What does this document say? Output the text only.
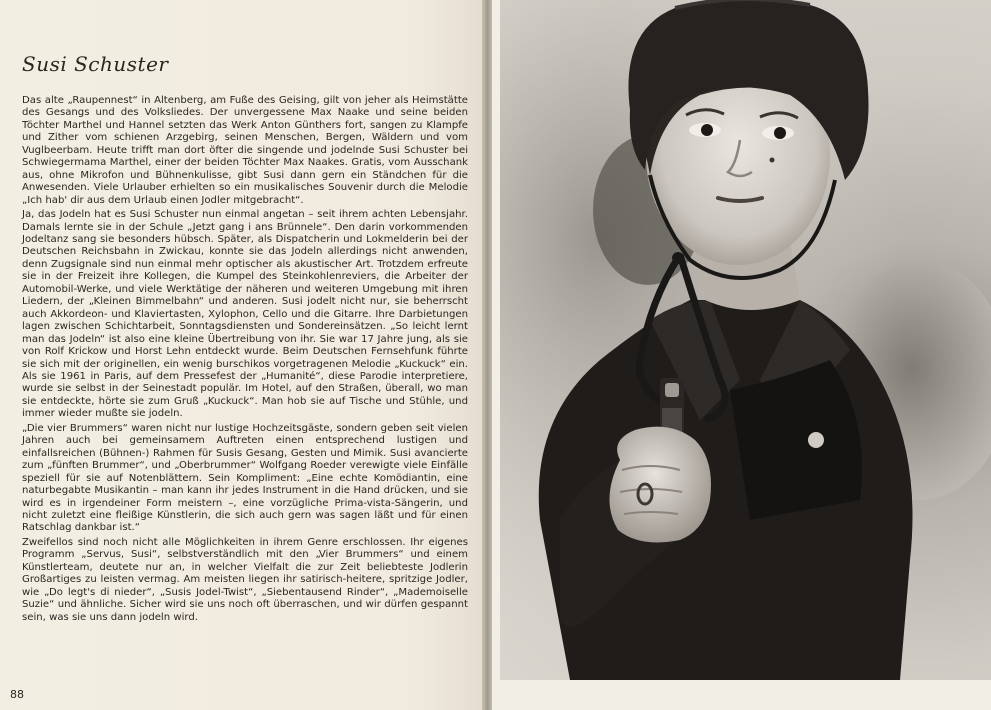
Susi Schuster

Das alte „Raupennest“ in Altenberg, am Fuße des Geising, gilt von jeher als Heimstätte des Gesangs und des Volksliedes. Der unvergessene Max Naake und seine beiden Töchter Marthel und Hannel setzten das Werk Anton Günthers fort, sangen zu Klampfe und Zither vom schienen Arzgebirg, seinen Menschen, Bergen, Wäldern und vom Vuglbeerbam. Heute trifft man dort öfter die singende und jodelnde Susi Schuster bei Schwiegermama Marthel, einer der beiden Töchter Max Naakes. Gratis, vom Ausschank aus, ohne Mikrofon und Bühnenkulisse, gibt Susi dann gern ein Ständchen für die Anwesenden. Viele Urlauber erhielten so ein musikalisches Souvenir durch die Melodie „Ich hab' dir aus dem Urlaub einen Jodler mitgebracht“.

Ja, das Jodeln hat es Susi Schuster nun einmal angetan – seit ihrem achten Lebensjahr. Damals lernte sie in der Schule „Jetzt gang i ans Brünnele“. Den darin vorkommenden Jodeltanz sang sie besonders hübsch. Später, als Dispatcherin und Lokmelderin bei der Deutschen Reichsbahn in Zwickau, konnte sie das Jodeln allerdings nicht anwenden, denn Zugsignale sind nun einmal mehr optischer als akustischer Art. Trotzdem erfreute sie in der Freizeit ihre Kollegen, die Kumpel des Steinkohlenreviers, die Arbeiter der Automobil-Werke, und viele Werktätige der näheren und weiteren Umgebung mit ihren Liedern, der „Kleinen Bimmelbahn“ und anderen. Susi jodelt nicht nur, sie beherrscht auch Akkordeon- und Klaviertasten, Xylophon, Cello und die Gitarre. Ihre Darbietungen lagen zwischen Schichtarbeit, Sonntagsdiensten und Sondereinsätzen. „So leicht lernt man das Jodeln“ ist also eine kleine Übertreibung von ihr. Sie war 17 Jahre jung, als sie von Rolf Krickow und Horst Lehn entdeckt wurde. Beim Deutschen Fernsehfunk führte sie sich mit der originellen, ein wenig burschikos vorgetragenen Melodie „Kuckuck“ ein. Als sie 1961 in Paris, auf dem Pressefest der „Humanité“, diese Parodie interpretiere, wurde sie selbst in der Seinestadt populär. Im Hotel, auf den Straßen, überall, wo man sie entdeckte, hörte sie zum Gruß „Kuckuck“. Man hob sie auf Tische und Stühle, und immer wieder mußte sie jodeln.

„Die vier Brummers“ waren nicht nur lustige Hochzeitsgäste, sondern geben seit vielen Jahren auch bei gemeinsamem Auftreten einen entsprechend lustigen und einfallsreichen (Bühnen-) Rahmen für Susis Gesang, Gesten und Mimik. Susi avancierte zum „fünften Brummer“, und „Oberbrummer“ Wolfgang Roeder verewigte viele Einfälle speziell für sie auf Notenblättern. Sein Kompliment: „Eine echte Komödiantin, eine naturbegabte Musikantin – man kann ihr jedes Instrument in die Hand drücken, und sie wird es in irgendeiner Form meistern –, eine vorzügliche Prima-vista-Sängerin, und nicht zuletzt eine fleißige Künstlerin, die sich auch gern was sagen läßt und für einen Ratschlag dankbar ist.“

Zweifellos sind noch nicht alle Möglichkeiten in ihrem Genre erschlossen. Ihr eigenes Programm „Servus, Susi“, selbstverständlich mit den „Vier Brummers“ und einem Künstlerteam, deutete nur an, in welcher Vielfalt die zur Zeit beliebteste Jodlerin Großartiges zu leisten vermag. Am meisten liegen ihr satirisch-heitere, spritzige Jodler, wie „Do legt's di nieder“, „Susis Jodel-Twist“, „Siebentausend Rinder“, „Mademoiselle Suzie“ und ähnliche. Sicher wird sie uns noch oft überraschen, und wir dürfen gespannt sein, was sie uns dann jodeln wird.

88
